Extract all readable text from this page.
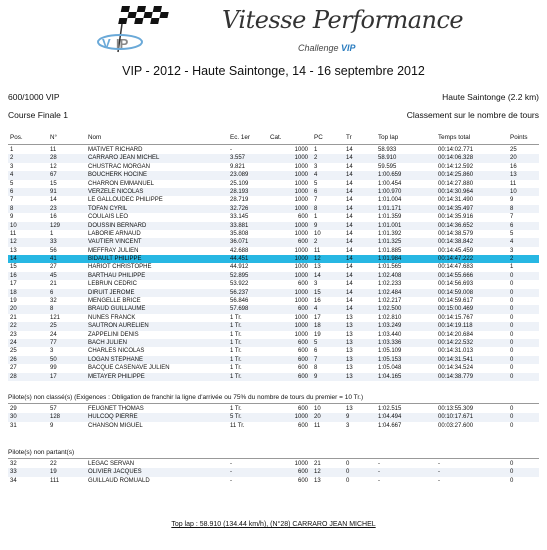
V IP
Vitesse Performance
Challenge VIP
VIP - 2012 - Haute Saintonge, 14 - 16 septembre 2012
600/1000 VIP	Haute Saintonge (2.2 km)
Course Finale 1	Classement sur le nombre de tours
Pos.	N°	Nom	Ec. 1er	Cat.	PC	Tr	Top lap	Temps total	Points
1	11	MATIVET RICHARD	-	1000 1	14	58.933	00:14:02.771	25
2	28	CARRARO JEAN MICHEL	3.557	1000 2	14	58.910	00:14:06.328	20
3	12	CHUSTRAC MORGAN	9.821	1000 3	14	59.595	00:14:12.592	16
4	67	BOUCHERK HOCINE	23.089	1000 4	14	1:00.659	00:14:25.860	13
5	15	CHARRON EMMANUEL	25.109	1000 5	14	1:00.454	00:14:27.880	11
6	91	VERZELE NICOLAS	28.193	1000 6	14	1:00.970	00:14:30.964	10
7	14	LE GALLOUDEC PHILIPPE	28.719	1000 7	14	1:01.004	00:14:31.490	9
8	23	TOFAN CYRIL	32.726	1000 8	14	1:01.171	00:14:35.497	8
9	16	COULAIS LEO	33.145	600 1	14	1:01.359	00:14:35.916	7
10	129	DOUSSIN BERNARD	33.881	1000 9	14	1:01.001	00:14:36.652	6
11	1	LABORIE ARNAUD	35.808	1000 10	14	1:01.392	00:14:38.579	5
12	33	VAUTIER VINCENT	36.071	600 2	14	1:01.325	00:14:38.842	4
13	56	MEFFRAY JULIEN	42.688	1000 11	14	1:01.885	00:14:45.459	3
14	41	BIDAULT PHILIPPE	44.451	1000 12	14	1:01.984	00:14:47.222	2
15	27	HARIOT CHRISTOPHE	44.912	1000 13	14	1:01.565	00:14:47.683	1
16	45	BARTHAU PHILIPPE	52.895	1000 14	14	1:02.408	00:14:55.666	0
17	21	LEBRUN CEDRIC	53.922	600 3	14	1:02.233	00:14:56.693	0
18	6	DIRUIT JEROME	56.237	1000 15	14	1:02.484	00:14:59.008	0
19	32	MENGELLE BRICE	56.846	1000 16	14	1:02.217	00:14:59.617	0
20	8	BRAUD GUILLAUME	57.698	600 4	14	1:02.500	00:15:00.469	0
21	121	NUNES FRANCK	1 Tr.	1000 17	13	1:02.810	00:14:15.767	0
22	25	SAUTRON AURELIEN	1 Tr.	1000 18	13	1:03.249	00:14:19.118	0
23	24	ZAPPELINI DENIS	1 Tr.	1000 19	13	1:03.440	00:14:20.684	0
24	77	BACH JULIEN	1 Tr.	600 5	13	1:03.336	00:14:22.532	0
25	3	CHARLES NICOLAS	1 Tr.	600 6	13	1:05.109	00:14:31.013	0
26	50	LOGAN STEPHANE	1 Tr.	600 7	13	1:05.153	00:14:31.541	0
27	99	BACQUE CASENAVE JULIEN	1 Tr.	600 8	13	1:05.048	00:14:34.524	0
28	17	METAYER PHILIPPE	1 Tr.	600 9	13	1:04.165	00:14:38.779	0
Pilote(s) non classé(s) (Exigences : Obligation de franchir la ligne d'arrivée ou 75% du nombre de tours du premier = 10 Tr.)
29	57	FEUGNET THOMAS	1 Tr.	600 10	13	1:02.515	00:13:55.309	0
30	128	HULCOQ PIERRE	5 Tr.	1000 20	9	1:04.494	00:10:17.671	0
31	9	CHANSON MIGUEL	11 Tr.	600 11	3	1:04.667	00:03:27.600	0
Pilote(s) non partant(s)
32	22	LEGAC SERVAN	-	1000 21	0	-	-	0
33	19	OLIVIER JACQUES	-	600 12	0	-	-	0
34	111	GUILLAUD ROMUALD	-	600 13	0	-	-	0
Top lap : 58.910 (134.44 km/h), (N°28) CARRARO JEAN MICHEL
